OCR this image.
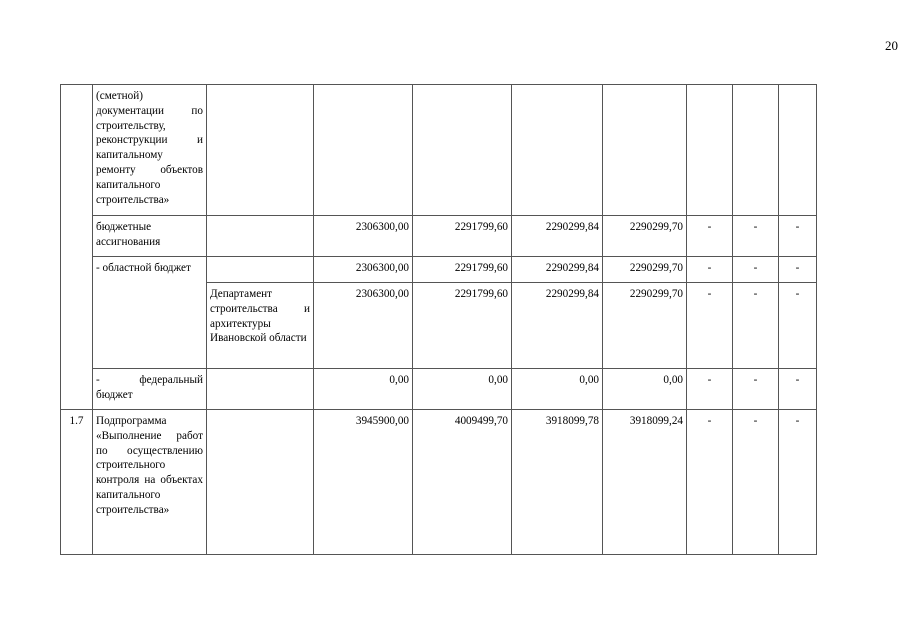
20
	(сметной) документации по строительству, реконструкции и капитальному ремонту объектов капитального строительства»								
	бюджетные ассигнования		2306300,00	2291799,60	2290299,84	2290299,70	-	-	-
	- областной бюджет		2306300,00	2291799,60	2290299,84	2290299,70	-	-	-
		Департамент строительства и архитектуры Ивановской области	2306300,00	2291799,60	2290299,84	2290299,70	-	-	-
	- федеральный бюджет		0,00	0,00	0,00	0,00	-	-	-
1.7	Подпрограмма «Выполнение работ по осуществлению строительного контроля на объектах капитального строительства»		3945900,00	4009499,70	3918099,78	3918099,24	-	-	-
